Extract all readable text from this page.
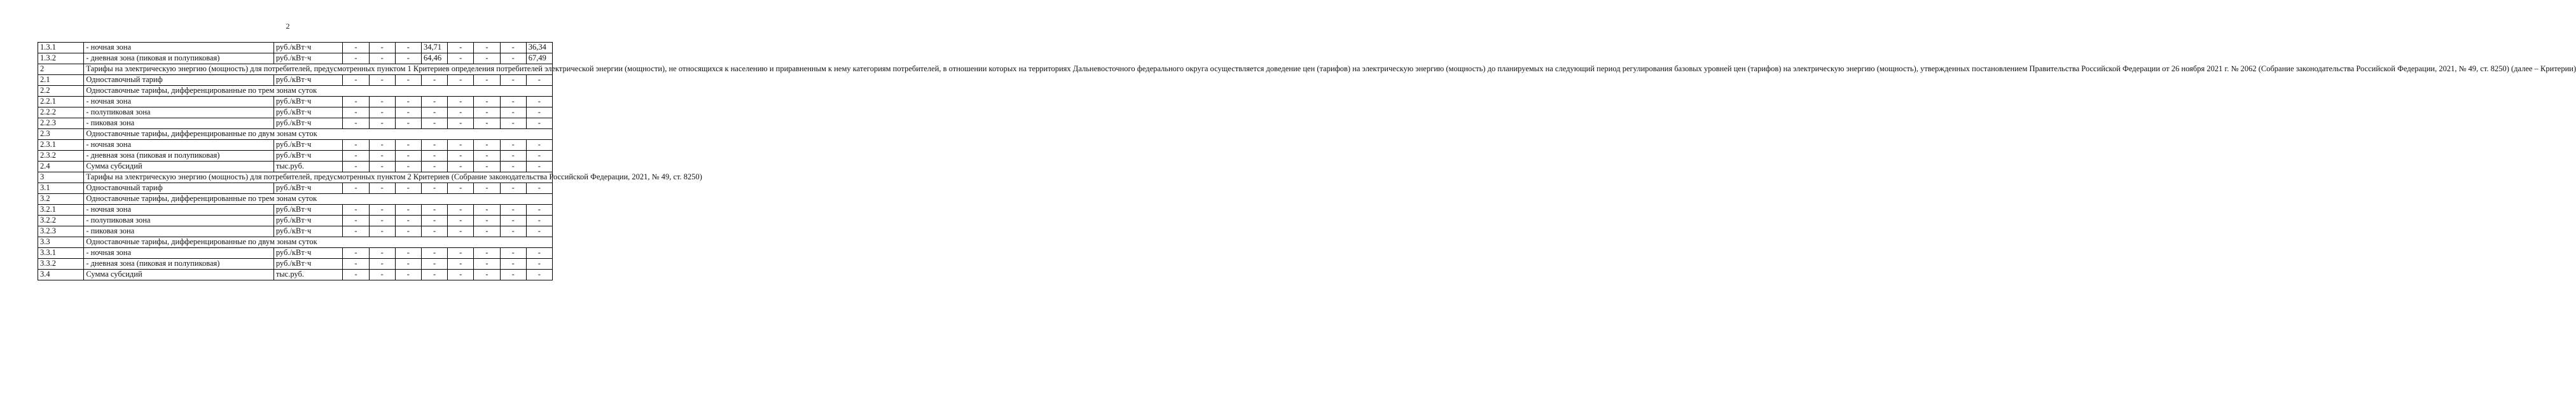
2
1.3.1	- ночная зона	руб./кВт·ч	-	-	-	34,71	-	-	-	36,34
1.3.2	- дневная зона (пиковая и полупиковая)	руб./кВт·ч	-	-	-	64,46	-	-	-	67,49
2	Тарифы на электрическую энергию (мощность) для потребителей, предусмотренных пунктом 1 Критериев определения потребителей электрической энергии (мощности), не относящихся к населению и приравненным к нему категориям потребителей, в отношении которых на территориях Дальневосточного федерального округа осуществляется доведение цен (тарифов) на электрическую энергию (мощность) до планируемых на следующий период регулирования базовых уровней цен (тарифов) на электрическую энергию (мощность), утвержденных постановлением Правительства Российской Федерации от 26 ноября 2021 г. № 2062 (Собрание законодательства Российской Федерации, 2021, № 49, ст. 8250) (далее – Критерии)									
2.1	Одноставочный тариф	руб./кВт·ч	-	-	-	-	-	-	-	-
2.2	Одноставочные тарифы, дифференцированные по трем зонам суток									
2.2.1	- ночная зона	руб./кВт·ч	-	-	-	-	-	-	-	-
2.2.2	- полупиковая зона	руб./кВт·ч	-	-	-	-	-	-	-	-
2.2.3	- пиковая зона	руб./кВт·ч	-	-	-	-	-	-	-	-
2.3	Одноставочные тарифы, дифференцированные по двум зонам суток									
2.3.1	- ночная зона	руб./кВт·ч	-	-	-	-	-	-	-	-
2.3.2	- дневная зона (пиковая и полупиковая)	руб./кВт·ч	-	-	-	-	-	-	-	-
2.4	Сумма субсидий	тыс.руб.	-	-	-	-	-	-	-	-
3	Тарифы на электрическую энергию (мощность) для потребителей, предусмотренных пунктом 2 Критериев (Собрание законодательства Российской Федерации, 2021, № 49, ст. 8250)									
3.1	Одноставочный тариф	руб./кВт·ч	-	-	-	-	-	-	-	-
3.2	Одноставочные тарифы, дифференцированные по трем зонам суток									
3.2.1	- ночная зона	руб./кВт·ч	-	-	-	-	-	-	-	-
3.2.2	- полупиковая зона	руб./кВт·ч	-	-	-	-	-	-	-	-
3.2.3	- пиковая зона	руб./кВт·ч	-	-	-	-	-	-	-	-
3.3	Одноставочные тарифы, дифференцированные по двум зонам суток									
3.3.1	- ночная зона	руб./кВт·ч	-	-	-	-	-	-	-	-
3.3.2	- дневная зона (пиковая и полупиковая)	руб./кВт·ч	-	-	-	-	-	-	-	-
3.4	Сумма субсидий	тыс.руб.	-	-	-	-	-	-	-	-
